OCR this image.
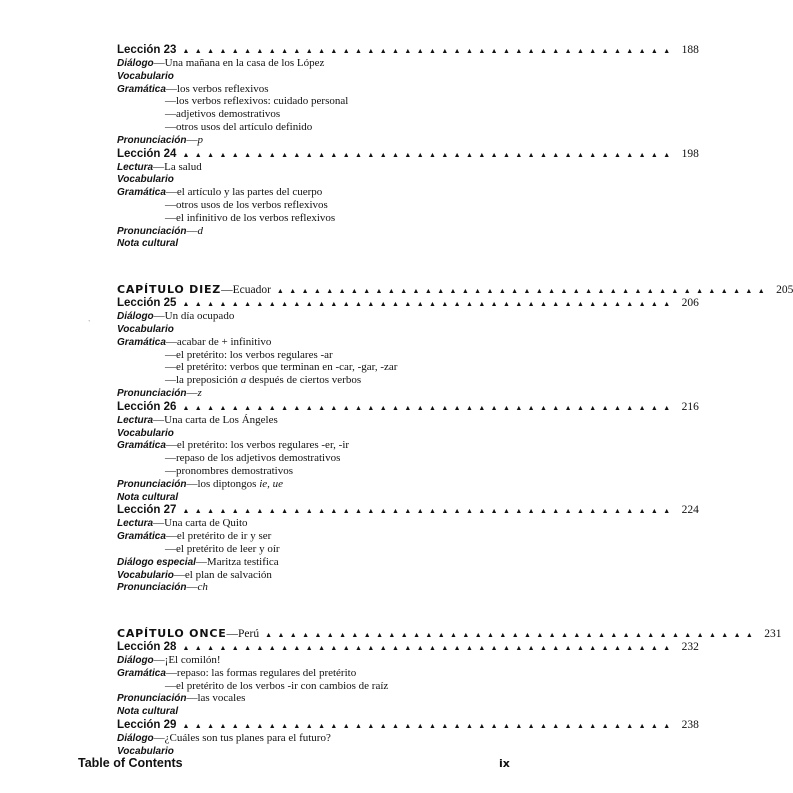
Lección 23 ▲▲▲▲▲▲▲▲▲▲▲▲▲▲▲▲▲▲▲▲▲▲▲▲▲▲▲▲▲▲▲▲▲▲▲▲▲▲▲▲ 188
Diálogo—Una mañana en la casa de los López
Vocabulario
Gramática—los verbos reflexivos
—los verbos reflexivos: cuidado personal
—adjetivos demostrativos
—otros usos del artículo definido
Pronunciación—p
Lección 24 ▲▲▲▲▲▲▲▲▲▲▲▲▲▲▲▲▲▲▲▲▲▲▲▲▲▲▲▲▲▲▲▲▲▲▲▲▲▲▲▲ 198
Lectura—La salud
Vocabulario
Gramática—el artículo y las partes del cuerpo
—otros usos de los verbos reflexivos
—el infinitivo de los verbos reflexivos
Pronunciación—d
Nota cultural
CAPÍTULO DIEZ — Ecuador ▲▲▲▲▲▲▲▲▲▲▲▲▲▲▲▲▲▲▲▲▲▲▲▲▲▲▲▲▲▲▲▲▲▲▲▲▲▲▲▲ 205
Lección 25 ▲▲▲▲▲▲▲▲▲▲▲▲▲▲▲▲▲▲▲▲▲▲▲▲▲▲▲▲▲▲▲▲▲▲▲▲▲▲▲▲ 206
Diálogo—Un día ocupado
Vocabulario
Gramática—acabar de + infinitivo
—el pretérito: los verbos regulares -ar
—el pretérito: verbos que terminan en -car, -gar, -zar
—la preposición a después de ciertos verbos
Pronunciación—z
Lección 26 ▲▲▲▲▲▲▲▲▲▲▲▲▲▲▲▲▲▲▲▲▲▲▲▲▲▲▲▲▲▲▲▲▲▲▲▲▲▲▲▲ 216
Lectura—Una carta de Los Ángeles
Vocabulario
Gramática—el pretérito: los verbos regulares -er, -ir
—repaso de los adjetivos demostrativos
—pronombres demostrativos
Pronunciación—los diptongos ie, ue
Nota cultural
Lección 27 ▲▲▲▲▲▲▲▲▲▲▲▲▲▲▲▲▲▲▲▲▲▲▲▲▲▲▲▲▲▲▲▲▲▲▲▲▲▲▲▲ 224
Lectura—Una carta de Quito
Gramática—el pretérito de ir y ser
—el pretérito de leer y oír
Diálogo especial—Maritza testifica
Vocabulario—el plan de salvación
Pronunciación—ch
CAPÍTULO ONCE — Perú ▲▲▲▲▲▲▲▲▲▲▲▲▲▲▲▲▲▲▲▲▲▲▲▲▲▲▲▲▲▲▲▲▲▲▲▲▲▲▲▲ 231
Lección 28 ▲▲▲▲▲▲▲▲▲▲▲▲▲▲▲▲▲▲▲▲▲▲▲▲▲▲▲▲▲▲▲▲▲▲▲▲▲▲▲▲ 232
Diálogo—¡El comilón!
Gramática—repaso: las formas regulares del pretérito
—el pretérito de los verbos -ir con cambios de raíz
Pronunciación—las vocales
Nota cultural
Lección 29 ▲▲▲▲▲▲▲▲▲▲▲▲▲▲▲▲▲▲▲▲▲▲▲▲▲▲▲▲▲▲▲▲▲▲▲▲▲▲▲▲ 238
Diálogo—¿Cuáles son tus planes para el futuro?
Vocabulario
ˋ
Table of Contents	ix
